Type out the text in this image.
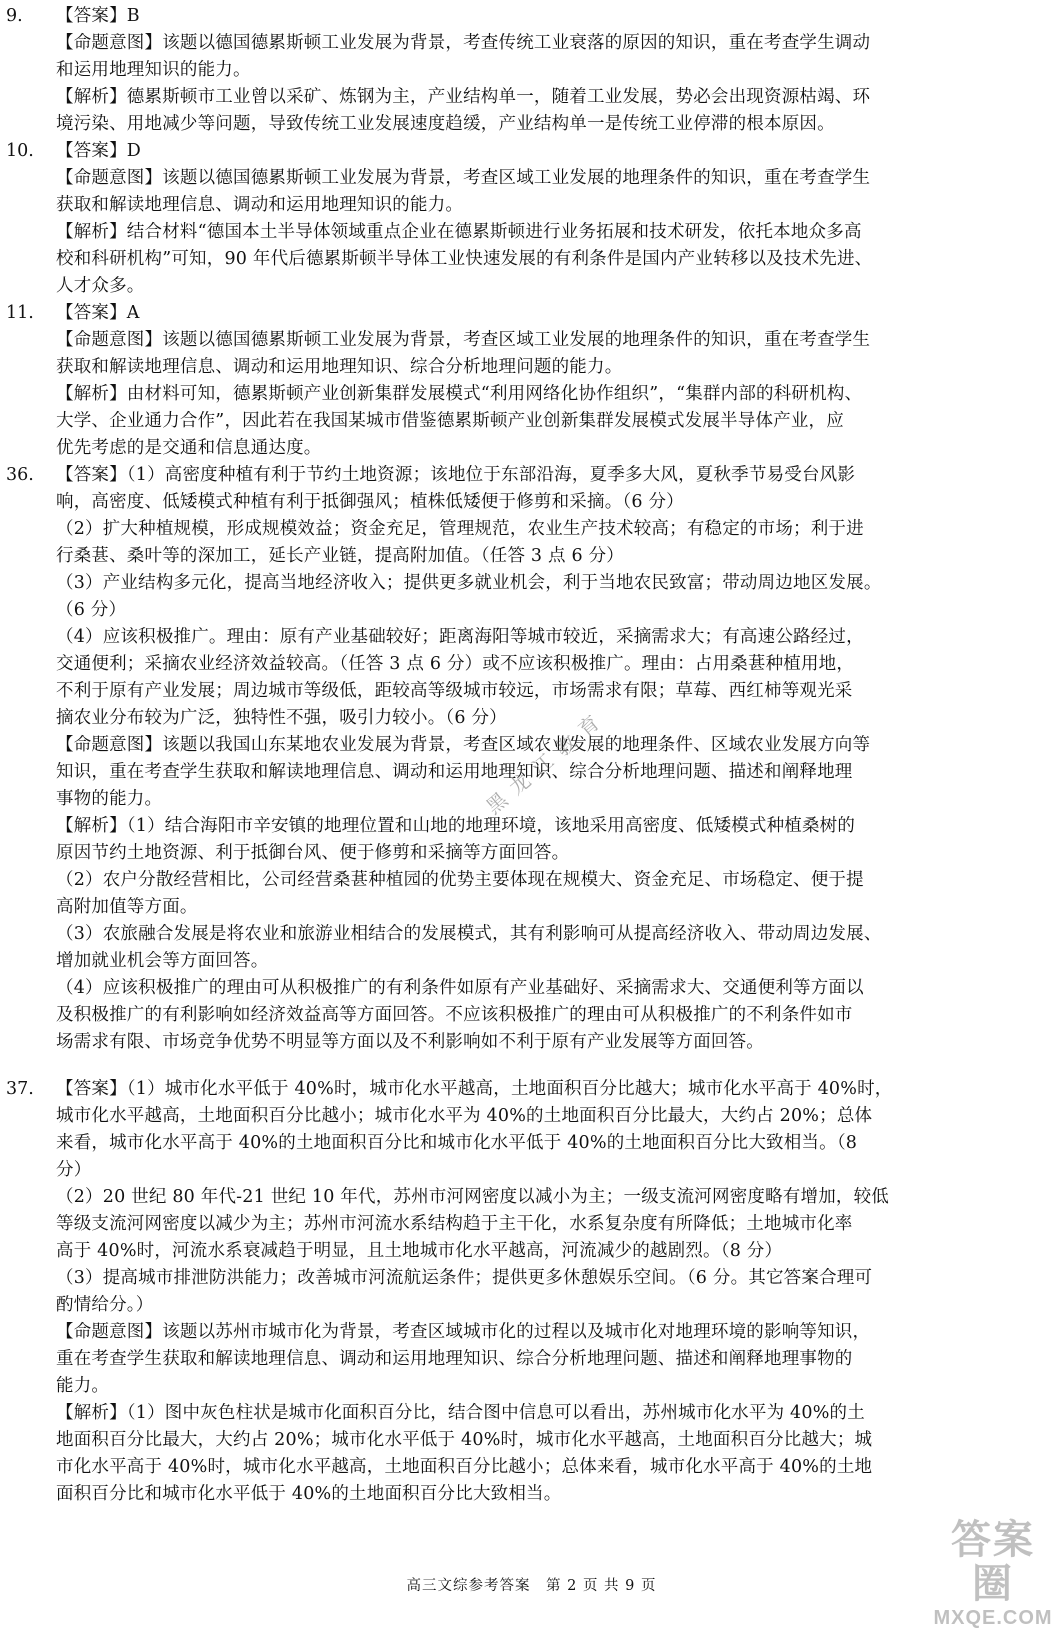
9. 【答案】B
【命题意图】该题以德国德累斯顿工业发展为背景，考查传统工业衰落的原因的知识，重在考查学生调动
和运用地理知识的能力。
【解析】德累斯顿市工业曾以采矿、炼钢为主，产业结构单一，随着工业发展，势必会出现资源枯竭、环
境污染、用地减少等问题，导致传统工业发展速度趋缓，产业结构单一是传统工业停滞的根本原因。
10. 【答案】D
【命题意图】该题以德国德累斯顿工业发展为背景，考查区域工业发展的地理条件的知识，重在考查学生
获取和解读地理信息、调动和运用地理知识的能力。
【解析】结合材料“德国本土半导体领域重点企业在德累斯顿进行业务拓展和技术研发，依托本地众多高
校和科研机构”可知，90 年代后德累斯顿半导体工业快速发展的有利条件是国内产业转移以及技术先进、
人才众多。
11. 【答案】A
【命题意图】该题以德国德累斯顿工业发展为背景，考查区域工业发展的地理条件的知识，重在考查学生
获取和解读地理信息、调动和运用地理知识、综合分析地理问题的能力。
【解析】由材料可知，德累斯顿产业创新集群发展模式“利用网络化协作组织”，“集群内部的科研机构、
大学、企业通力合作”，因此若在我国某城市借鉴德累斯顿产业创新集群发展模式发展半导体产业，应
优先考虑的是交通和信息通达度。
36. 【答案】（1）高密度种植有利于节约土地资源；该地位于东部沿海，夏季多大风，夏秋季节易受台风影
响，高密度、低矮模式种植有利于抵御强风；植株低矮便于修剪和采摘。（6 分）
（2）扩大种植规模，形成规模效益；资金充足，管理规范，农业生产技术较高；有稳定的市场；利于进
行桑葚、桑叶等的深加工，延长产业链，提高附加值。（任答 3 点 6 分）
（3）产业结构多元化，提高当地经济收入；提供更多就业机会，利于当地农民致富；带动周边地区发展。
（6 分）
（4）应该积极推广。理由：原有产业基础较好；距离海阳等城市较近，采摘需求大；有高速公路经过，
交通便利；采摘农业经济效益较高。（任答 3 点 6 分）或不应该积极推广。理由：占用桑葚种植用地，
不利于原有产业发展；周边城市等级低，距较高等级城市较远，市场需求有限；草莓、西红柿等观光采
摘农业分布较为广泛，独特性不强，吸引力较小。（6 分）
【命题意图】该题以我国山东某地农业发展为背景，考查区域农业发展的地理条件、区域农业发展方向等
知识，重在考查学生获取和解读地理信息、调动和运用地理知识、综合分析地理问题、描述和阐释地理
事物的能力。
【解析】（1）结合海阳市辛安镇的地理位置和山地的地理环境，该地采用高密度、低矮模式种植桑树的
原因节约土地资源、利于抵御台风、便于修剪和采摘等方面回答。
（2）农户分散经营相比，公司经营桑葚种植园的优势主要体现在规模大、资金充足、市场稳定、便于提
高附加值等方面。
（3）农旅融合发展是将农业和旅游业相结合的发展模式，其有利影响可从提高经济收入、带动周边发展、
增加就业机会等方面回答。
（4）应该积极推广的理由可从积极推广的有利条件如原有产业基础好、采摘需求大、交通便利等方面以
及积极推广的有利影响如经济效益高等方面回答。不应该积极推广的理由可从积极推广的不利条件如市
场需求有限、市场竞争优势不明显等方面以及不利影响如不利于原有产业发展等方面回答。
37. 【答案】（1）城市化水平低于 40%时，城市化水平越高，土地面积百分比越大；城市化水平高于 40%时，
城市化水平越高，土地面积百分比越小；城市化水平为 40%的土地面积百分比最大，大约占 20%；总体
来看，城市化水平高于 40%的土地面积百分比和城市化水平低于 40%的土地面积百分比大致相当。（8
分）
（2）20 世纪 80 年代-21 世纪 10 年代，苏州市河网密度以减小为主；一级支流河网密度略有增加，较低
等级支流河网密度以减少为主；苏州市河流水系结构趋于主干化，水系复杂度有所降低；土地城市化率
高于 40%时，河流水系衰减趋于明显，且土地城市化水平越高，河流减少的越剧烈。（8 分）
（3）提高城市排泄防洪能力；改善城市河流航运条件；提供更多休憩娱乐空间。（6 分。其它答案合理可
酌情给分。）
【命题意图】该题以苏州市城市化为背景，考查区域城市化的过程以及城市化对地理环境的影响等知识，
重在考查学生获取和解读地理信息、调动和运用地理知识、综合分析地理问题、描述和阐释地理事物的
能力。
【解析】（1）图中灰色柱状是城市化面积百分比，结合图中信息可以看出，苏州城市化水平为 40%的土
地面积百分比最大，大约占 20%；城市化水平低于 40%时，城市化水平越高，土地面积百分比越大；城
市化水平高于 40%时，城市化水平越高，土地面积百分比越小；总体来看，城市化水平高于 40%的土地
面积百分比和城市化水平低于 40%的土地面积百分比大致相当。
高三文综参考答案　第 2 页 共 9 页
黑龙江教育
答案圈
MXQE.COM
